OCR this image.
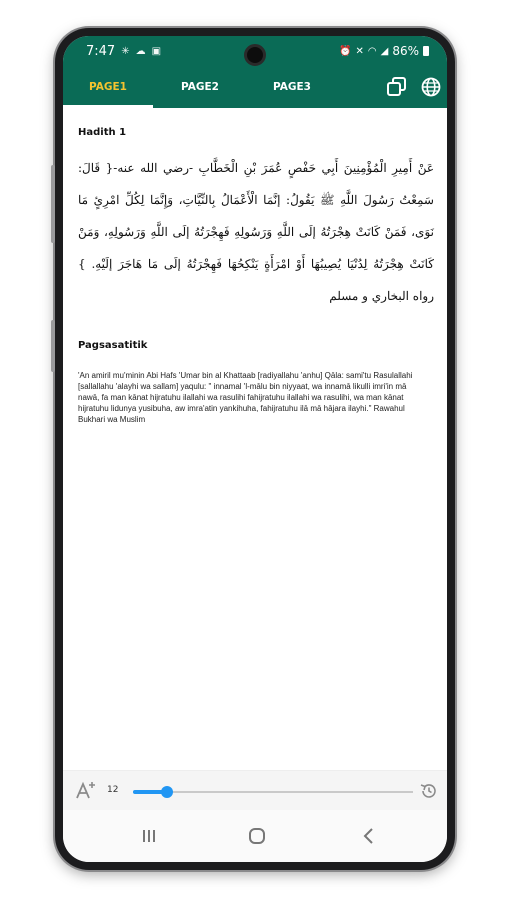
7:47 ✳ ☁ ▣	⏰ ✕ ◠ ◢ 86%
PAGE1	PAGE2	PAGE3
Hadith 1
عَنْ أَمِيرِ الْمُؤْمِنِينَ أَبِي حَفْصٍ عُمَرَ بْنِ الْخَطَّابِ -رضي الله عنه-{ قَالَ: سَمِعْتُ رَسُولَ اللَّهِ ﷺ يَقُولُ: إنَّمَا الْأَعْمَالُ بِالنِّيَّاتِ، وَإِنَّمَا لِكُلِّ امْرِئٍ مَا نَوَى، فَمَنْ كَانَتْ هِجْرَتُهُ إلَى اللَّهِ وَرَسُولِهِ فَهِجْرَتُهُ إلَى اللَّهِ وَرَسُولِهِ، وَمَنْ كَانَتْ هِجْرَتُهُ لِدُنْيَا يُصِيبُهَا أَوْ امْرَأَةٍ يَنْكِحُهَا فَهِجْرَتُهُ إلَى مَا هَاجَرَ إلَيْهِ. } رواه البخاري و مسلم
Pagsasatitik
'An amiril mu'minin Abi Hafs 'Umar bin al Khattaab [radiyallahu 'anhu] Qāla: sami'tu Rasulallahi [sallallahu 'alayhi wa sallam] yaqulu: " innamal 'l-mālu bin niyyaat, wa innamā likulli imri'in mā nawā, fa man kānat hijratuhu ilallahi wa rasulihi fahijratuhu ilallahi wa rasulihi, wa man kānat hijratuhu lidunya yusibuha, aw imra'atin yankihuha, fahijratuhu ilā mā hājara ilayhi." Rawahul Bukhari wa Muslim
12
